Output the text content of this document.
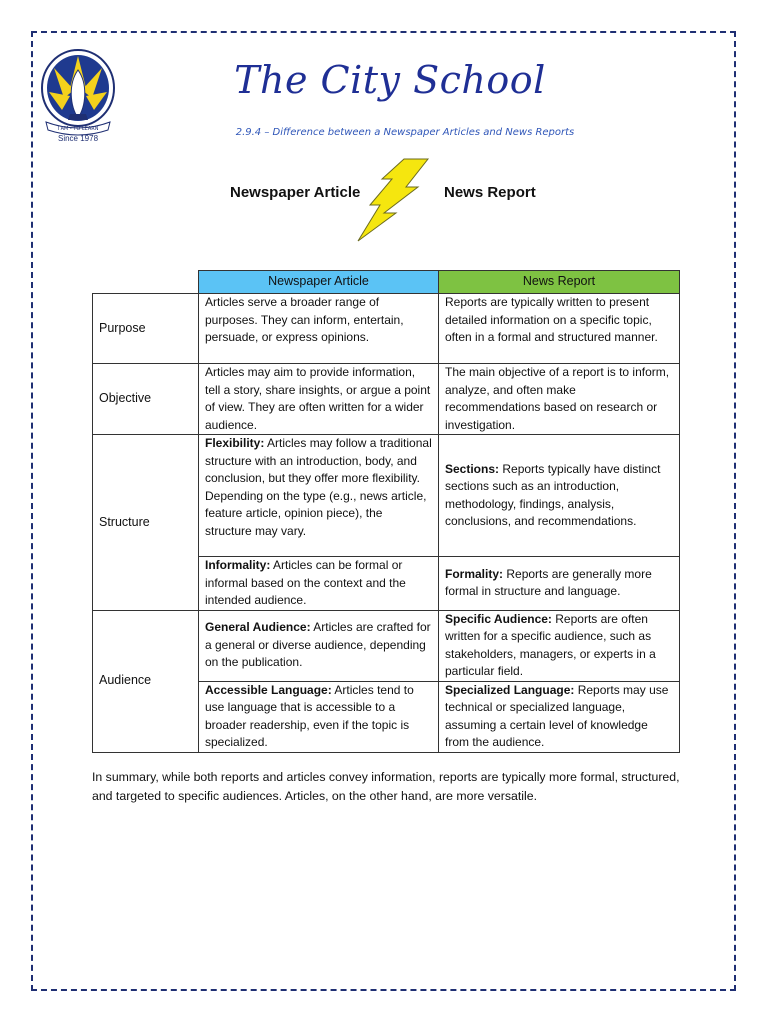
I AM - TO LEARN
Since 1978
The City School
2.9.4 – Difference between a Newspaper Articles and News Reports
Newspaper Article	News Report
	Newspaper Article	News Report
Purpose	Articles serve a broader range of purposes. They can inform, entertain, persuade, or express opinions.	Reports are typically written to present detailed information on a specific topic, often in a formal and structured manner.
Objective	Articles may aim to provide information, tell a story, share insights, or argue a point of view. They are often written for a wider audience.	The main objective of a report is to inform, analyze, and often make recommendations based on research or investigation.
Structure	Flexibility: Articles may follow a traditional structure with an introduction, body, and conclusion, but they offer more flexibility. Depending on the type (e.g., news article, feature article, opinion piece), the structure may vary.	Sections: Reports typically have distinct sections such as an introduction, methodology, findings, analysis, conclusions, and recommendations.
	Informality: Articles can be formal or informal based on the context and the intended audience.	Formality: Reports are generally more formal in structure and language.
Audience	General Audience: Articles are crafted for a general or diverse audience, depending on the publication.	Specific Audience: Reports are often written for a specific audience, such as stakeholders, managers, or experts in a particular field.
	Accessible Language: Articles tend to use language that is accessible to a broader readership, even if the topic is specialized.	Specialized Language: Reports may use technical or specialized language, assuming a certain level of knowledge from the audience.
In summary, while both reports and articles convey information, reports are typically more formal, structured, and targeted to specific audiences. Articles, on the other hand, are more versatile.
